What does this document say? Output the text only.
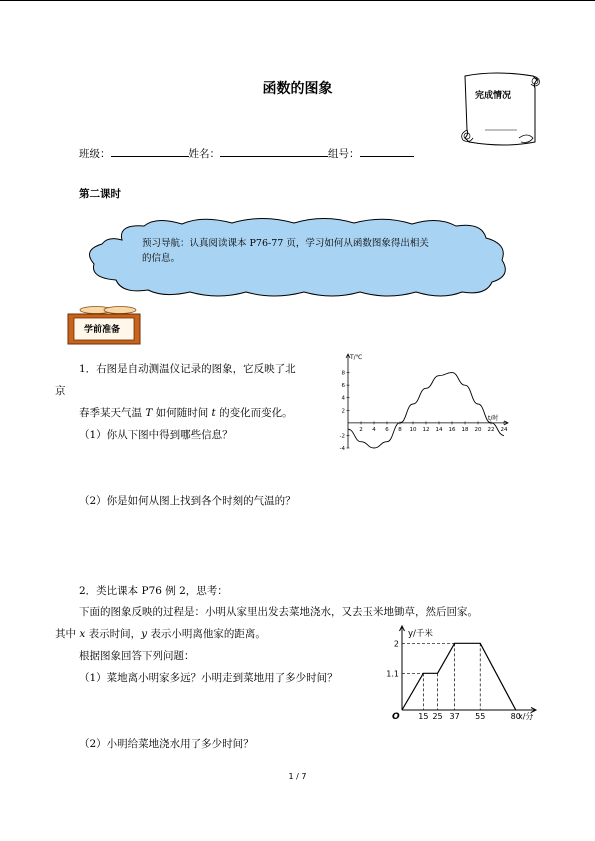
函数的图象	完成情况
班级：	姓名：	组号：
第二课时
预习导航：认真阅读课本 P76-77 页，学习如何从函数图象得出相关的信息。
学前准备
1．右图是自动测温仪记录的图象，它反映了北
京
春季某天气温 T 如何随时间 t 的变化而变化。
（1）你从下图中得到哪些信息？
（2）你是如何从图上找到各个时刻的气温的？
T/℃
t/时
8
6
4
2
-2
-4
2 4 6 8 10 12 14 16 18 20 22 24
2．类比课本 P76 例 2，思考：
下面的图象反映的过程是：小明从家里出发去菜地浇水，又去玉米地锄草，然后回家。
其中 x 表示时间，y 表示小明离他家的距离。
根据图象回答下列问题：
（1）菜地离小明家多远？小明走到菜地用了多少时间？
（2）小明给菜地浇水用了多少时间？
y/千米
x/分
O
2
1.1
15 25 37 55	80
1 / 7
